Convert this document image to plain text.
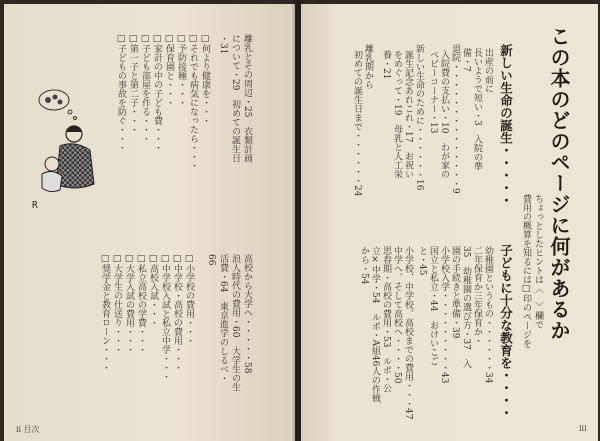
R
ii 目次
離乳とその周辺・25　衣類計画
について・29　初めての誕生日
・31
□何より健康を・・・
□それでも病気になったら・・・
□予防接種・・・
□保育園と・・・
□家計の中の子ども費・・・
□子ども部屋を作る・・・
□第一子と第二子・・・
□子どもの事故を防ぐ・・・
高校から大学へ・・・・・58
浪人時代の費用・60　大学生の生
活費・64　東京進学のしるべ・
66
□小学校の費用・・・
□中学校・高校の費用・・・
□中学校入試と私立中学・・・
□高校入試・・・
□私立高校の学費・・・
□大学入試の費用・・・
□大学生の仕送り・・・
□奨学金と教育ローン・・・	この本のどのページに何があるか
ちょっとしたヒントは〈　〉欄で
費用の概算を知るには□印のページを
iii
新しい生命の誕生・・・・・
出産の前に
長いようで短い・3　入院の準
備・7
退院・・・・・・・・・・・・・・9
入院費の支払い・10　わが家の
ベビーコーナー・13
新しい生命のために・・・・・・16
誕生記念あれこれ・17　お祝い
をめぐって・19　母乳と人工栄
養・21
離乳期から
初めての誕生日まで・・・・・・24
子どもに十分な教育を・・・・
幼稚園というもの・・・・・・34
二年保育か三年保育か・
35　幼稚園の選び方・37　入
園の手続きと準備・39
小学校入学・・・・・・・・・43
国立と私立・44　おけいこご
と・45
小学校、中学校、高校までの費用・・・47
中学へ、そして高校へ・・・・50
思春期・高校の費用・53　ルポ・公
立×中学・54　ルポ・A組46人の作戦
から・54
